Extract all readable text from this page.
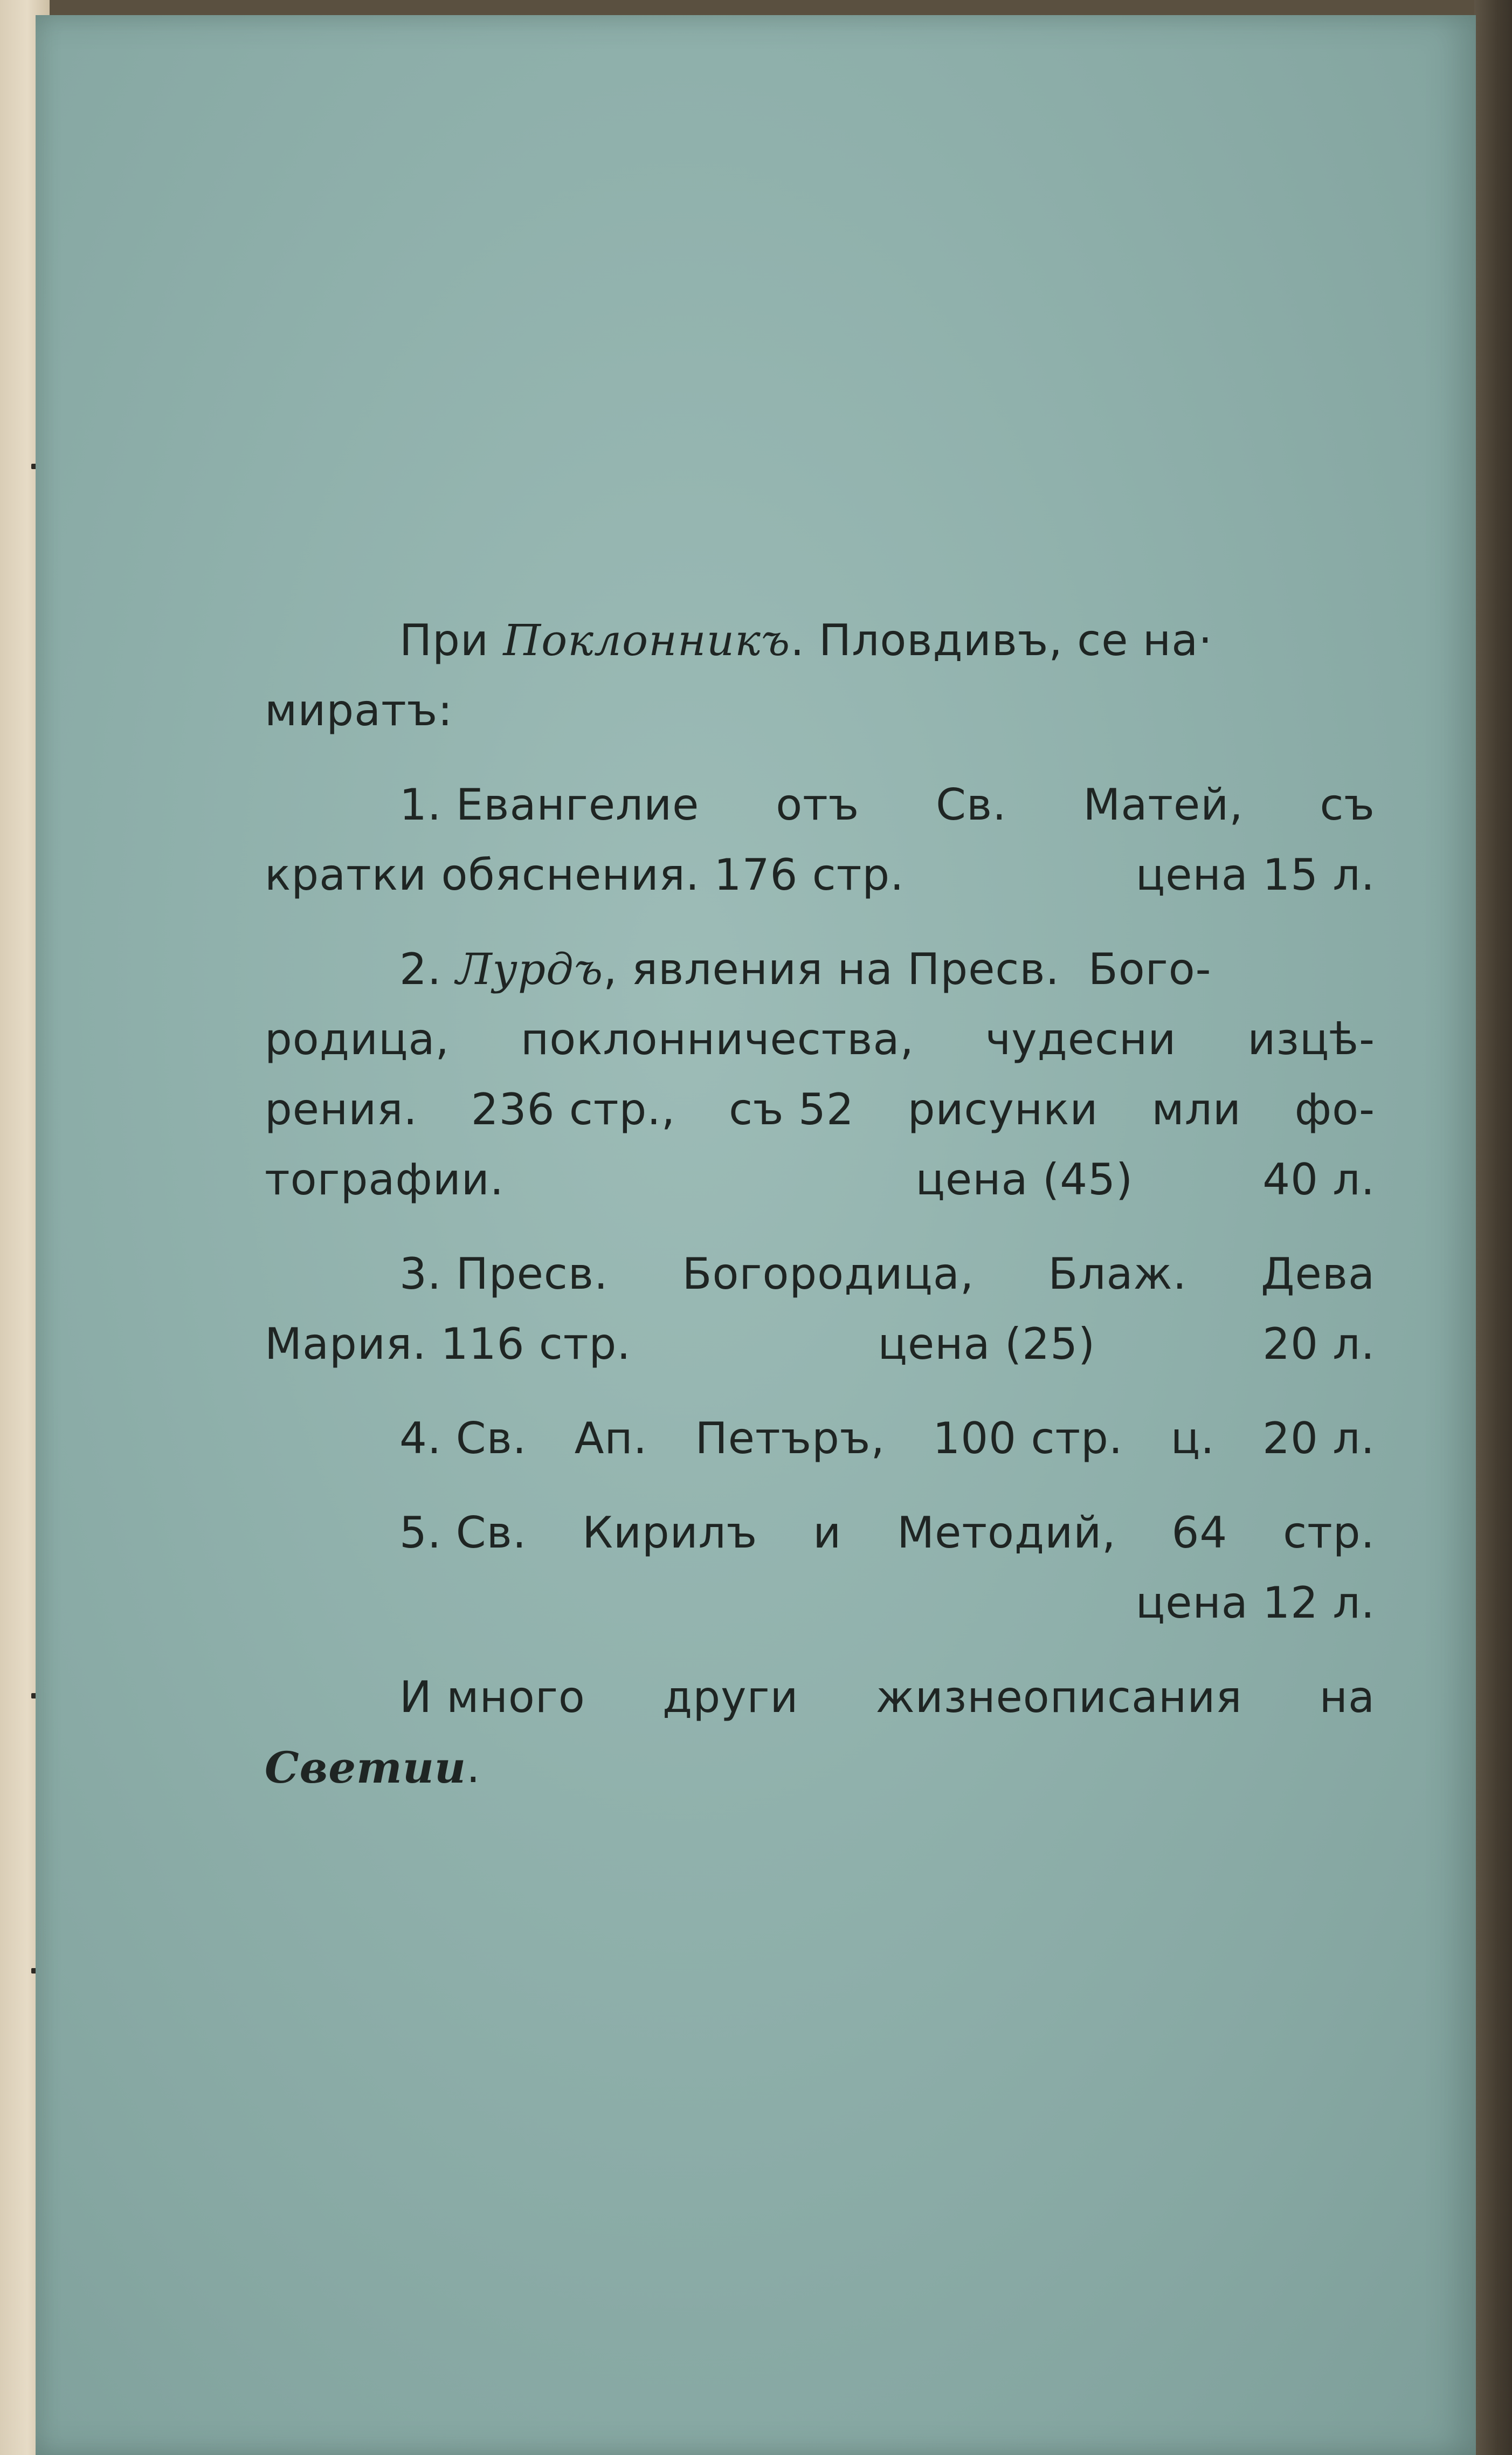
При Поклонникъ. Пловдивъ, се на·
миратъ:
1. Евангелие отъ Св. Матей, съ
кратки обяснения. 176 стр.	цена 15 л.
2. Лурдъ, явления на Пресв.  Бого-
родица, поклонничества, чудесни изцѣ-
рения. 236 стр., съ 52 рисунки мли фо-
тографии.	цена (45)	40 л.
3. Пресв. Богородица, Блаж. Дева
Мария. 116 стр.	цена (25)	20 л.
4. Св. Ап. Петъръ, 100 стр. ц. 20 л.
5. Св. Кирилъ и Методий, 64 стр.
цена 12 л.
И много други жизнеописания на
Светии .
